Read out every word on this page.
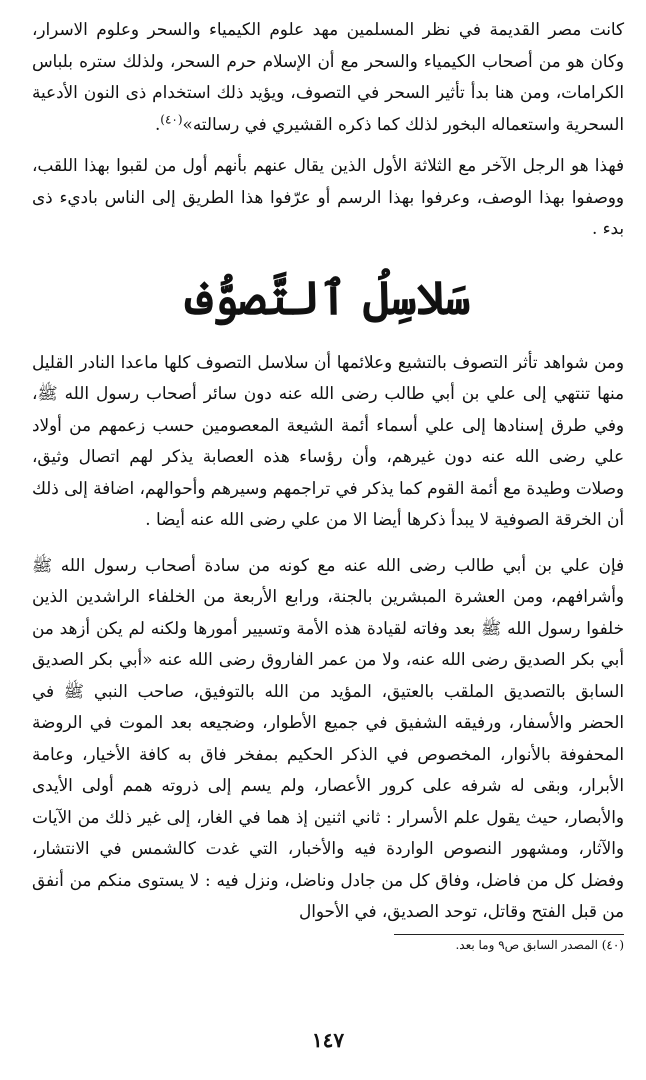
كانت مصر القديمة في نظر المسلمين مهد علوم الكيمياء والسحر وعلوم الاسرار، وكان هو من أصحاب الكيمياء والسحر مع أن الإسلام حرم السحر، ولذلك ستره بلباس الكرامات، ومن هنا بدأ تأثير السحر في التصوف، ويؤيد ذلك استخدام ذى النون الأدعية السحرية واستعماله البخور لذلك كما ذكره القشيري في رسالته»$^{(٤٠)}$.

فهذا هو الرجل الآخر مع الثلاثة الأول الذين يقال عنهم بأنهم أول من لقبوا بهذا اللقب، ووصفوا بهذا الوصف، وعرفوا بهذا الرسم أو عرّفوا هذا الطريق إلى الناس باديء ذى بدء .

سَلاسِلُ ٱلتَّصوُّف

ومن شواهد تأثر التصوف بالتشيع وعلائمها أن سلاسل التصوف كلها ماعدا النادر القليل منها تنتهي إلى علي بن أبي طالب رضى الله عنه دون سائر أصحاب رسول الله ﷺ، وفي طرق إسنادها إلى علي أسماء أئمة الشيعة المعصومين حسب زعمهم من أولاد علي رضى الله عنه دون غيرهم، وأن رؤساء هذه العصابة يذكر لهم اتصال وثيق، وصلات وطيدة مع أئمة القوم كما يذكر في تراجمهم وسيرهم وأحوالهم، اضافة إلى ذلك أن الخرقة الصوفية لا يبدأ ذكرها أيضا الا من علي رضى الله عنه أيضا .

فإن علي بن أبي طالب رضى الله عنه مع كونه من سادة أصحاب رسول الله ﷺ وأشرافهم، ومن العشرة المبشرين بالجنة، ورابع الأربعة من الخلفاء الراشدين الذين خلفوا رسول الله ﷺ بعد وفاته لقيادة هذه الأمة وتسيير أمورها ولكنه لم يكن أزهد من أبي بكر الصديق رضى الله عنه، ولا من عمر الفاروق رضى الله عنه «أبي بكر الصديق السابق بالتصديق الملقب بالعتيق، المؤيد من الله بالتوفيق، صاحب النبي ﷺ في الحضر والأسفار، ورفيقه الشفيق في جميع الأطوار، وضجيعه بعد الموت في الروضة المحفوفة بالأنوار، المخصوص في الذكر الحكيم بمفخر فاق به كافة الأخيار، وعامة الأبرار، وبقى له شرفه على كرور الأعصار، ولم يسم إلى ذروته همم أولى الأيدى والأبصار، حيث يقول علم الأسرار : ثاني اثنين إذ هما في الغار، إلى غير ذلك من الآيات والآثار، ومشهور النصوص الواردة فيه والأخبار، التي غدت كالشمس في الانتشار، وفضل كل من فاضل، وفاق كل من جادل وناضل، ونزل فيه : لا يستوى منكم من أنفق من قبل الفتح وقاتل، توحد الصديق، في الأحوال

(٤٠) المصدر السابق ص٩ وما بعد.

١٤٧
